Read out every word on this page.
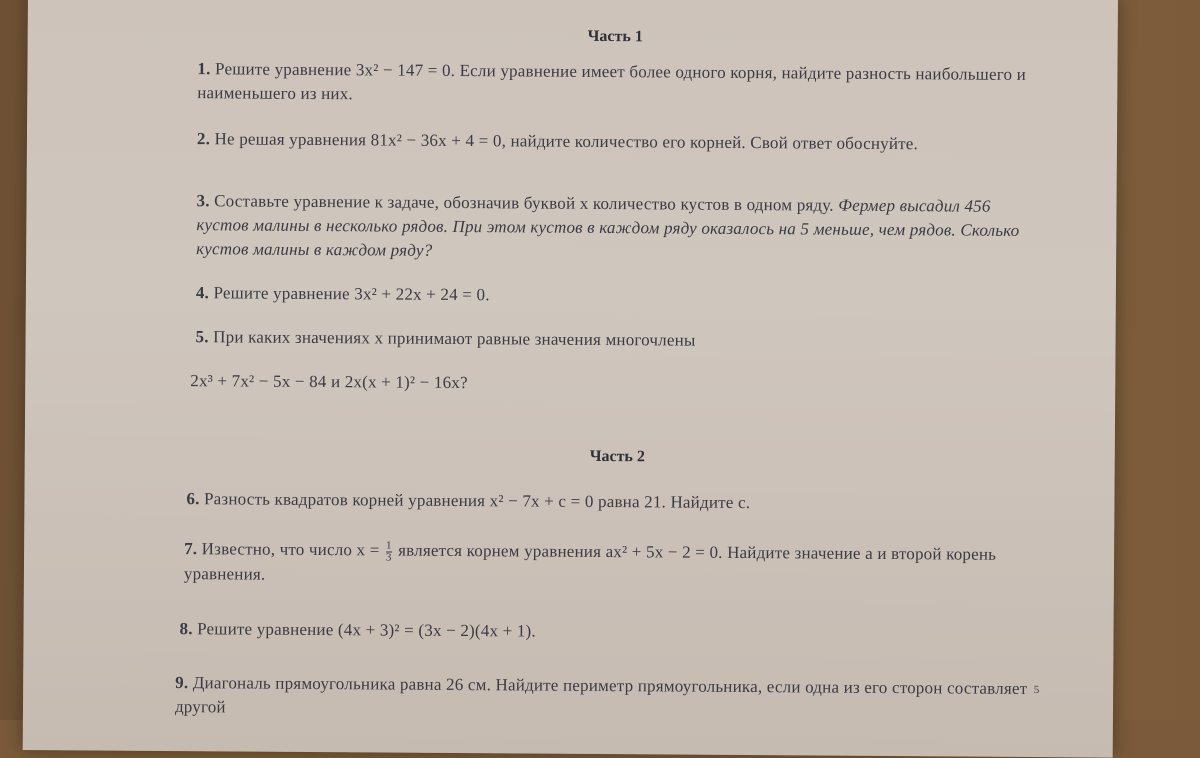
Часть 1
1. Решите уравнение 3x² − 147 = 0. Если уравнение имеет более одного корня, найдите разность наибольшего и наименьшего из них.
2. Не решая уравнения 81x² − 36x + 4 = 0, найдите количество его корней. Свой ответ обоснуйте.
3. Составьте уравнение к задаче, обозначив буквой x количество кустов в одном ряду. Фермер высадил 456 кустов малины в несколько рядов. При этом кустов в каждом ряду оказалось на 5 меньше, чем рядов. Сколько кустов малины в каждом ряду?
4. Решите уравнение 3x² + 22x + 24 = 0.
5. При каких значениях x принимают равные значения многочлены
2x³ + 7x² − 5x − 84 и 2x(x + 1)² − 16x?
Часть 2
6. Разность квадратов корней уравнения x² − 7x + c = 0 равна 21. Найдите c.
7. Известно, что число $x = \frac{1}{3}$ является корнем уравнения ax² + 5x − 2 = 0. Найдите значение a и второй корень уравнения.
8. Решите уравнение (4x + 3)² = (3x − 2)(4x + 1).
9. Диагональ прямоугольника равна 26 см. Найдите периметр прямоугольника, если одна из его сторон составляет 5
другой
